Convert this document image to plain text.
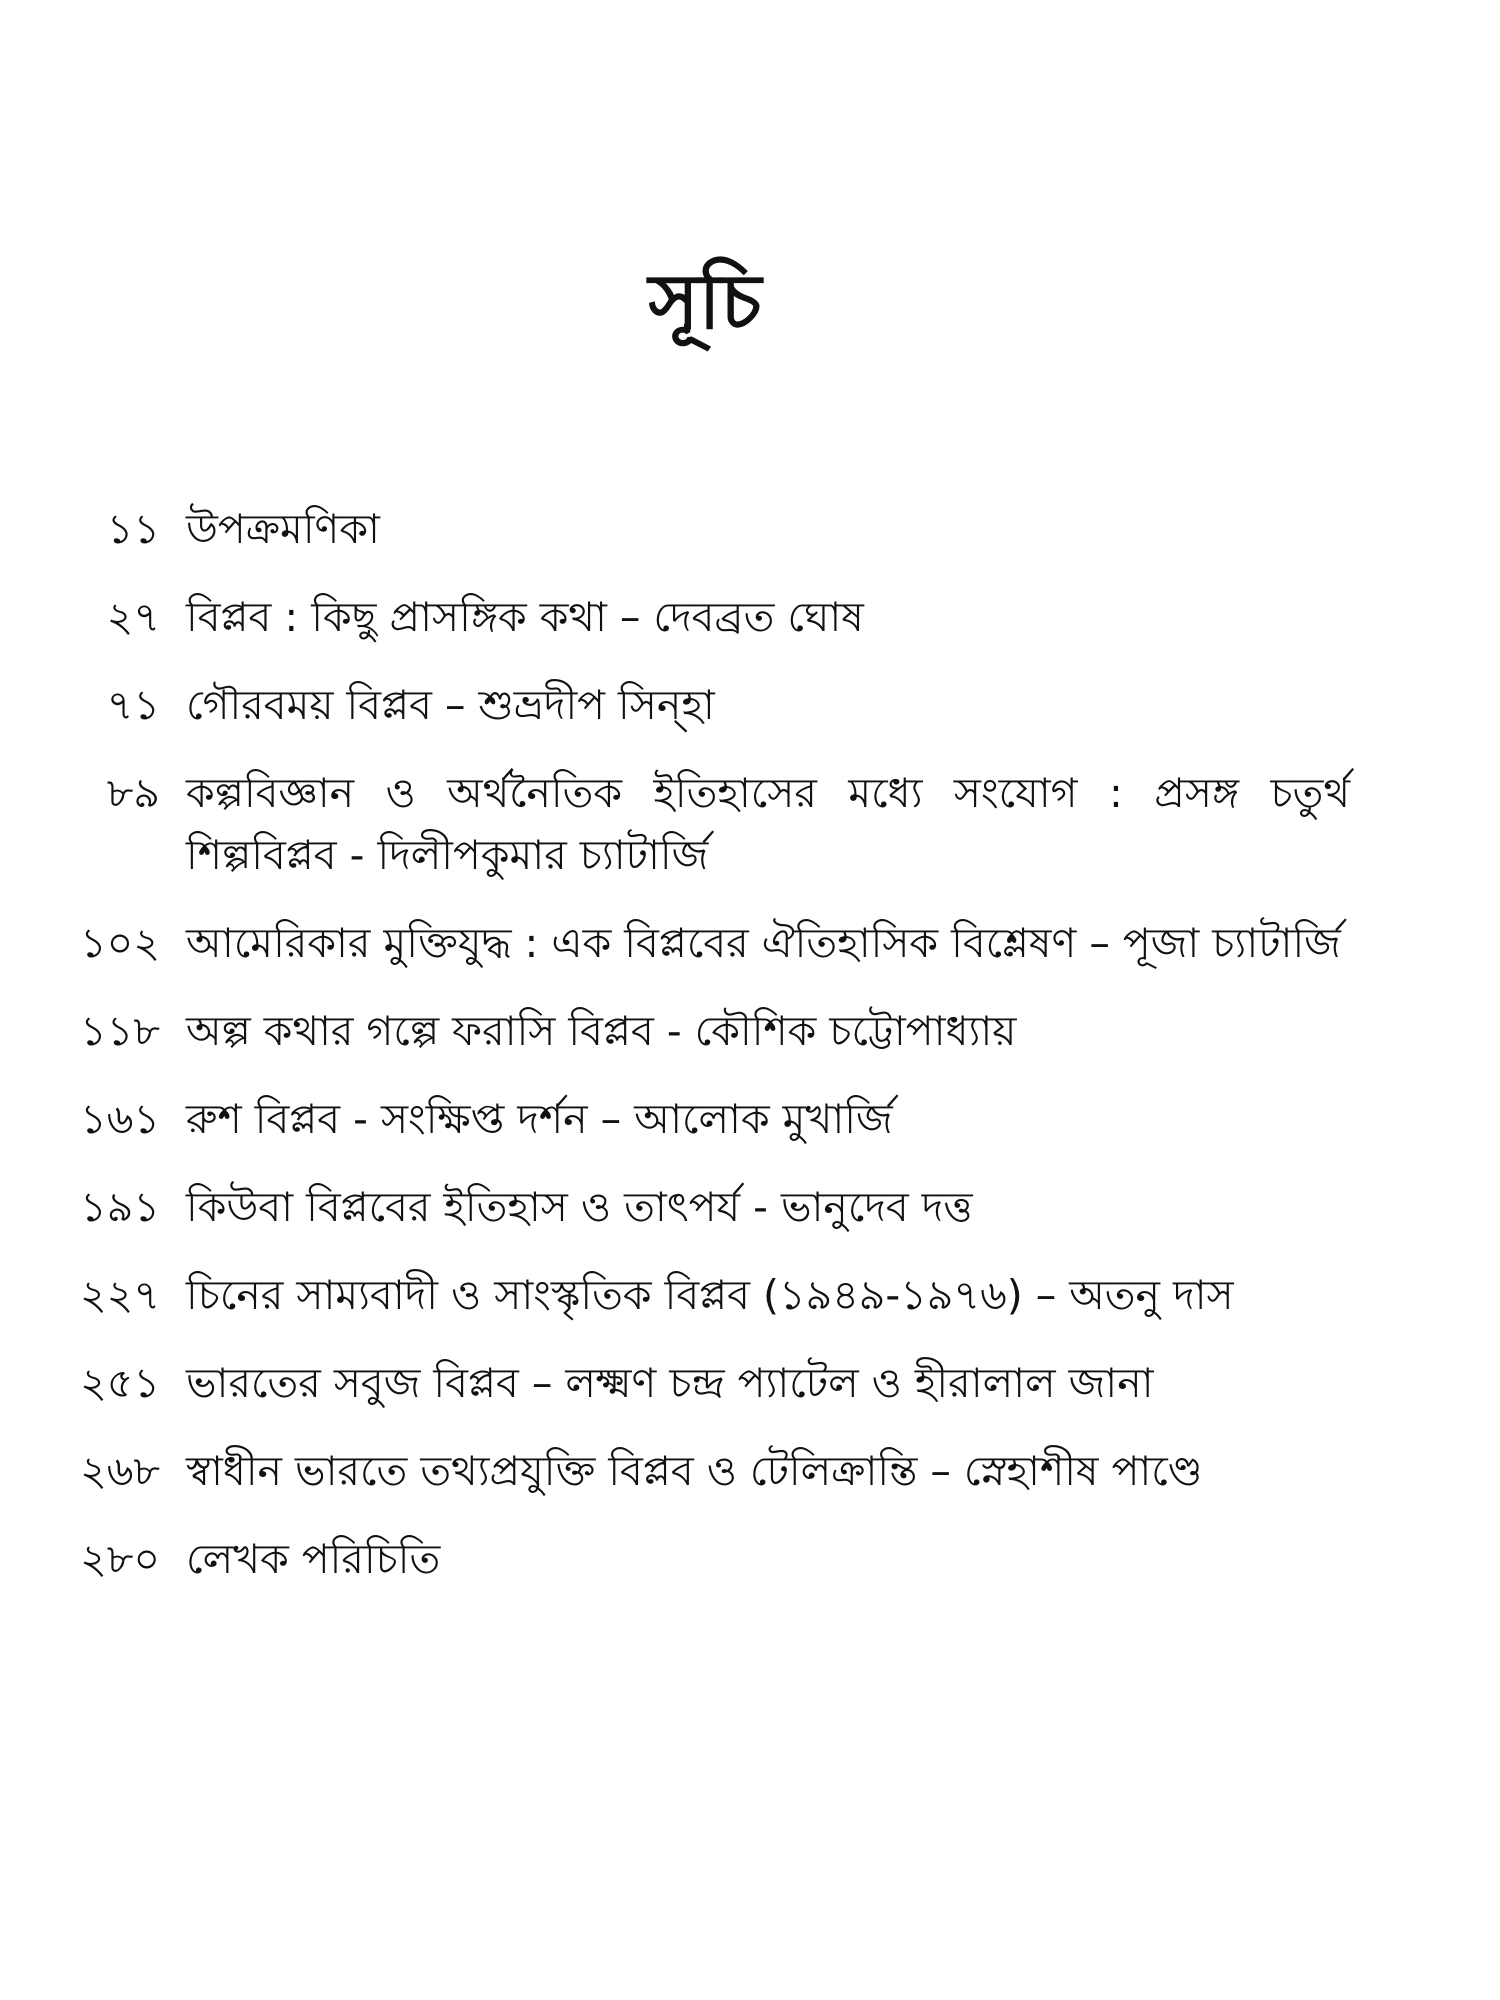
সূচি
১১ উপক্রমণিকা
২৭ বিপ্লব : কিছু প্রাসঙ্গিক কথা – দেবব্রত ঘোষ
৭১ গৌরবময় বিপ্লব – শুভ্রদীপ সিন্‌হা
৮৯ কল্পবিজ্ঞান ও অর্থনৈতিক ইতিহাসের মধ্যে সংযোগ : প্রসঙ্গ চতুর্থ শিল্পবিপ্লব - দিলীপকুমার চ্যাটার্জি
১০২ আমেরিকার মুক্তিযুদ্ধ : এক বিপ্লবের ঐতিহাসিক বিশ্লেষণ – পূজা চ্যাটার্জি
১১৮ অল্প কথার গল্পে ফরাসি বিপ্লব - কৌশিক চট্টোপাধ্যায়
১৬১ রুশ বিপ্লব - সংক্ষিপ্ত দর্শন – আলোক মুখার্জি
১৯১ কিউবা বিপ্লবের ইতিহাস ও তাৎপর্য - ভানুদেব দত্ত
২২৭ চিনের সাম্যবাদী ও সাংস্কৃতিক বিপ্লব (১৯৪৯-১৯৭৬) – অতনু দাস
২৫১ ভারতের সবুজ বিপ্লব – লক্ষ্মণ চন্দ্র প্যাটেল ও হীরালাল জানা
২৬৮ স্বাধীন ভারতে তথ্যপ্রযুক্তি বিপ্লব ও টেলিক্রান্তি – স্নেহাশীষ পাণ্ডে
২৮০ লেখক পরিচিতি
